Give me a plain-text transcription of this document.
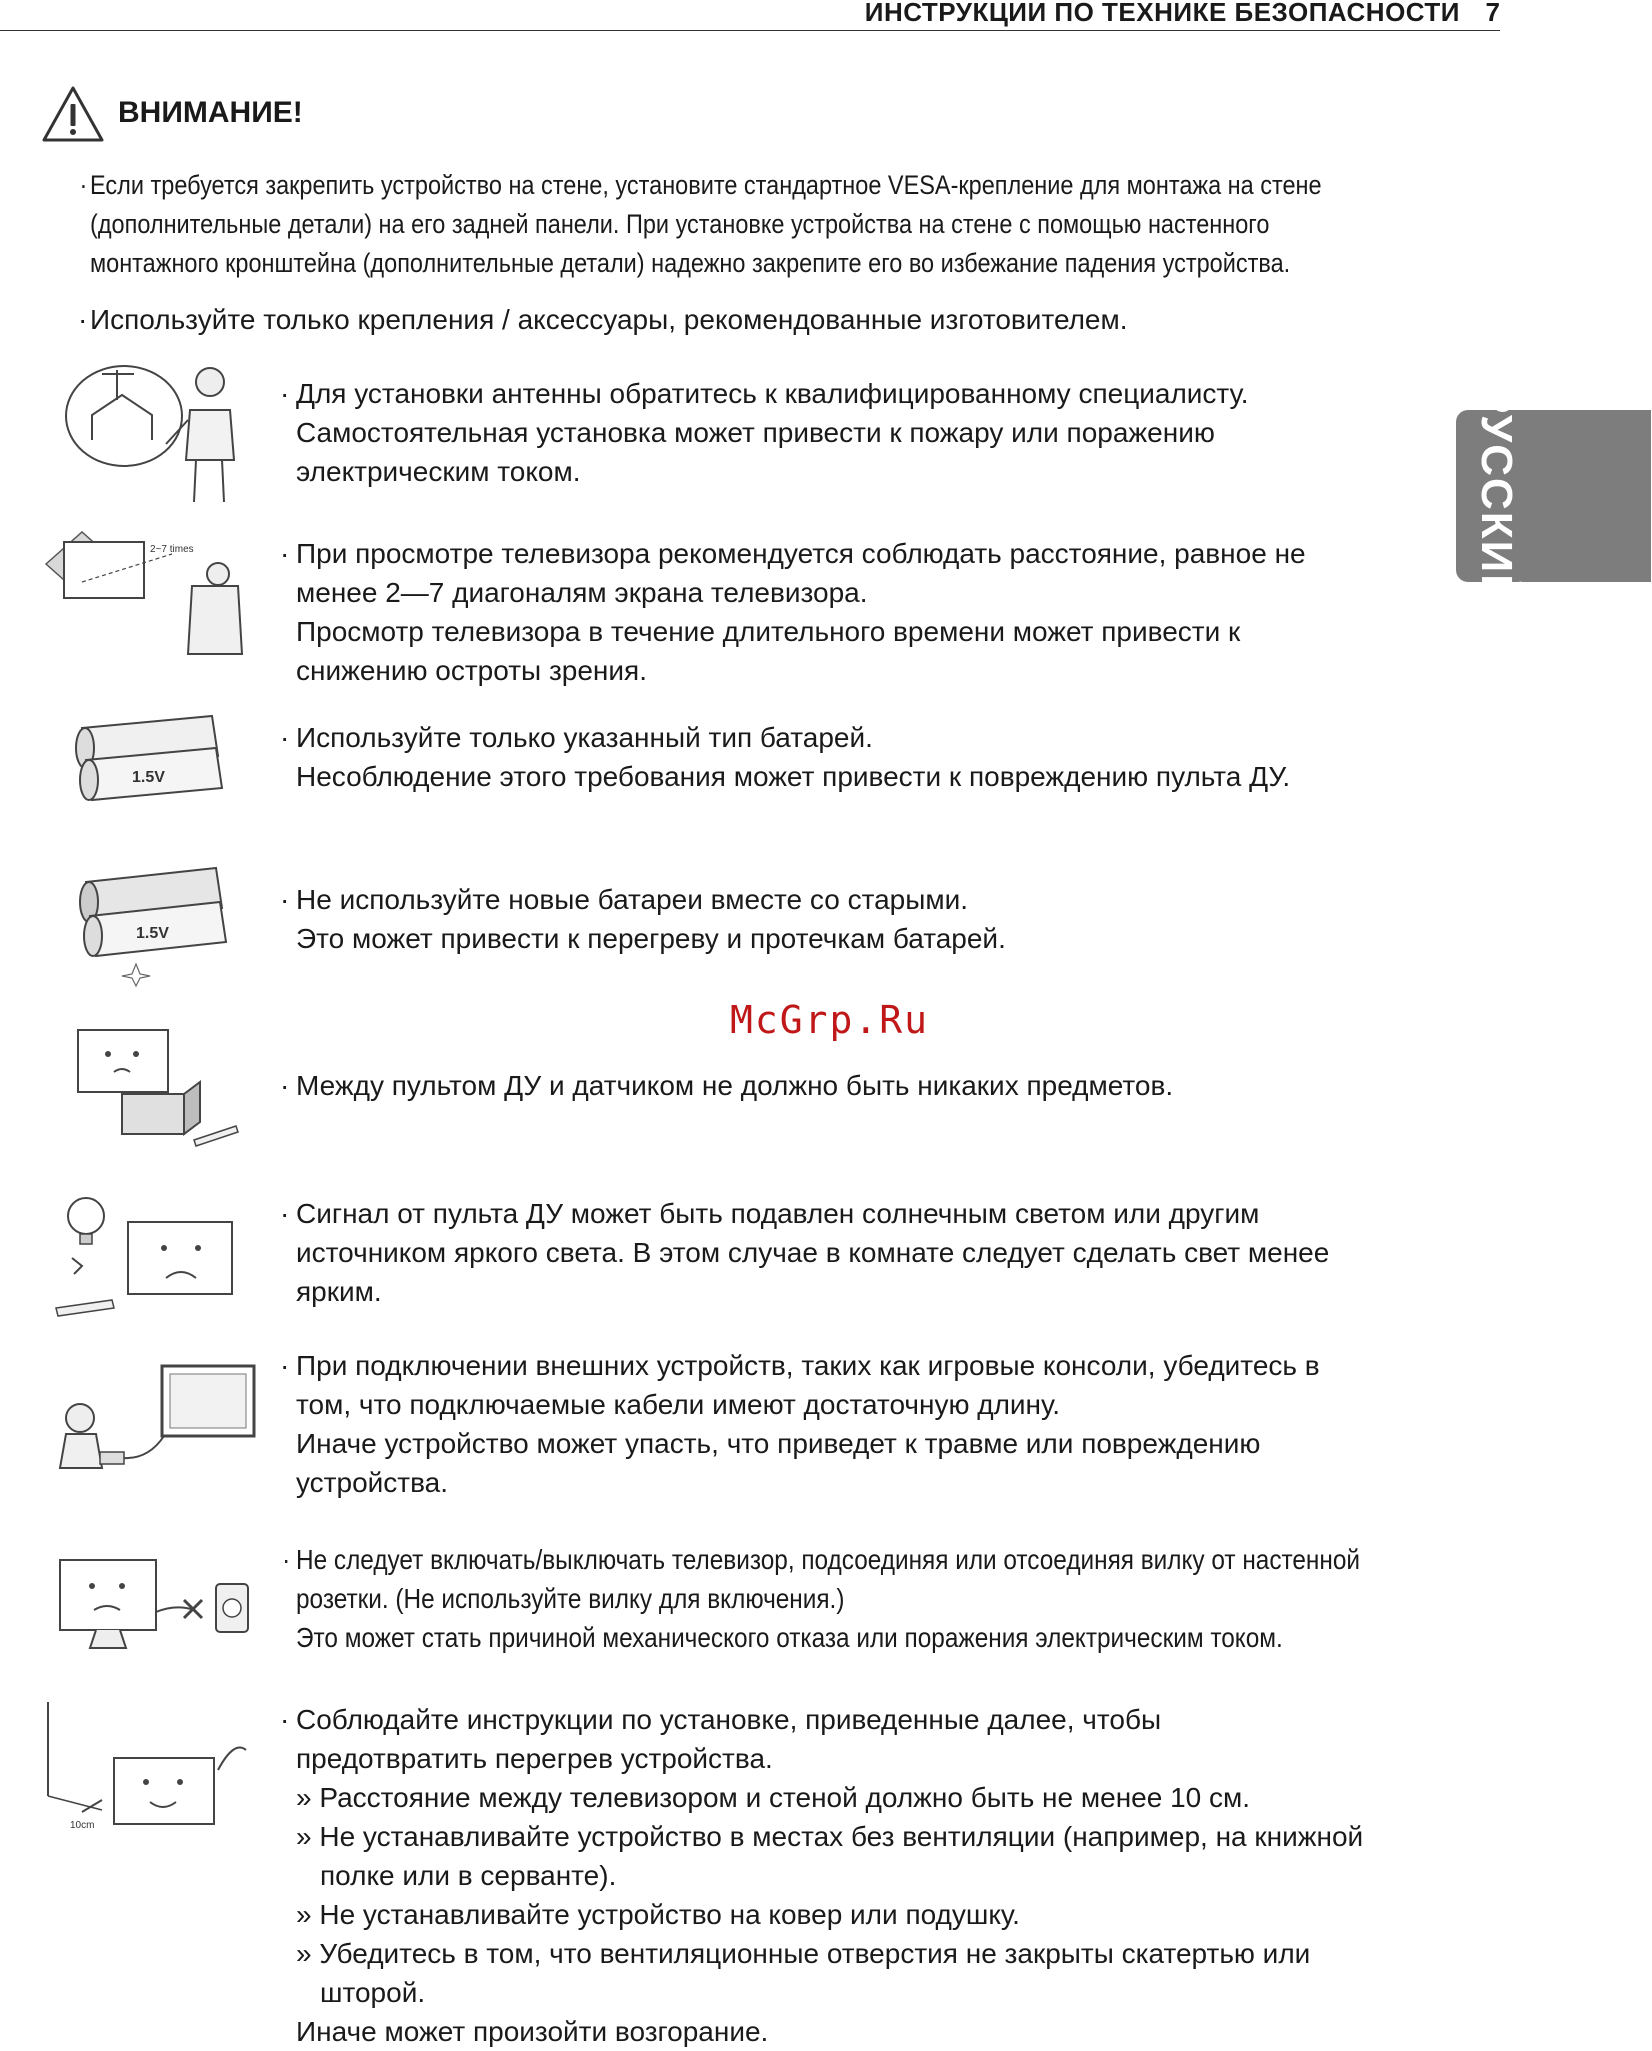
ИНСТРУКЦИИ ПО ТЕХНИКЕ БЕЗОПАСНОСТИ 7
РУССКИЙ
ВНИМАНИЕ!
· Если требуется закрепить устройство на стене, установите стандартное VESA-крепление для монтажа на стене
(дополнительные детали) на его задней панели. При установке устройства на стене с помощью настенного
монтажного кронштейна (дополнительные детали) надежно закрепите его во избежание падения устройства.
· Используйте только крепления / аксессуары, рекомендованные изготовителем.
· Для установки антенны обратитесь к квалифицированному специалисту.
Самостоятельная установка может привести к пожару или поражению
электрическим током.
2~7 times	· При просмотре телевизора рекомендуется соблюдать расстояние, равное не
менее 2—7 диагоналям экрана телевизора.
Просмотр телевизора в течение длительного времени может привести к
снижению остроты зрения.
1.5V
· Используйте только указанный тип батарей.
Несоблюдение этого требования может привести к повреждению пульта ДУ.
1.5V
· Не используйте новые батареи вместе со старыми.
Это может привести к перегреву и протечкам батарей.
McGrp.Ru
· Между пультом ДУ и датчиком не должно быть никаких предметов.
· Сигнал от пульта ДУ может быть подавлен солнечным светом или другим
источником яркого света. В этом случае в комнате следует сделать свет менее
ярким.
· При подключении внешних устройств, таких как игровые консоли, убедитесь в
том, что подключаемые кабели имеют достаточную длину.
Иначе устройство может упасть, что приведет к травме или повреждению
устройства.
· Не следует включать/выключать телевизор, подсоединяя или отсоединяя вилку от настенной
розетки. (Не используйте вилку для включения.)
Это может стать причиной механического отказа или поражения электрическим током.
10cm
· Соблюдайте инструкции по установке, приведенные далее, чтобы
предотвратить перегрев устройства.
» Расстояние между телевизором и стеной должно быть не менее 10 см.
» Не устанавливайте устройство в местах без вентиляции (например, на книжной
полке или в серванте).
» Не устанавливайте устройство на ковер или подушку.
» Убедитесь в том, что вентиляционные отверстия не закрыты скатертью или
шторой.
Иначе может произойти возгорание.
